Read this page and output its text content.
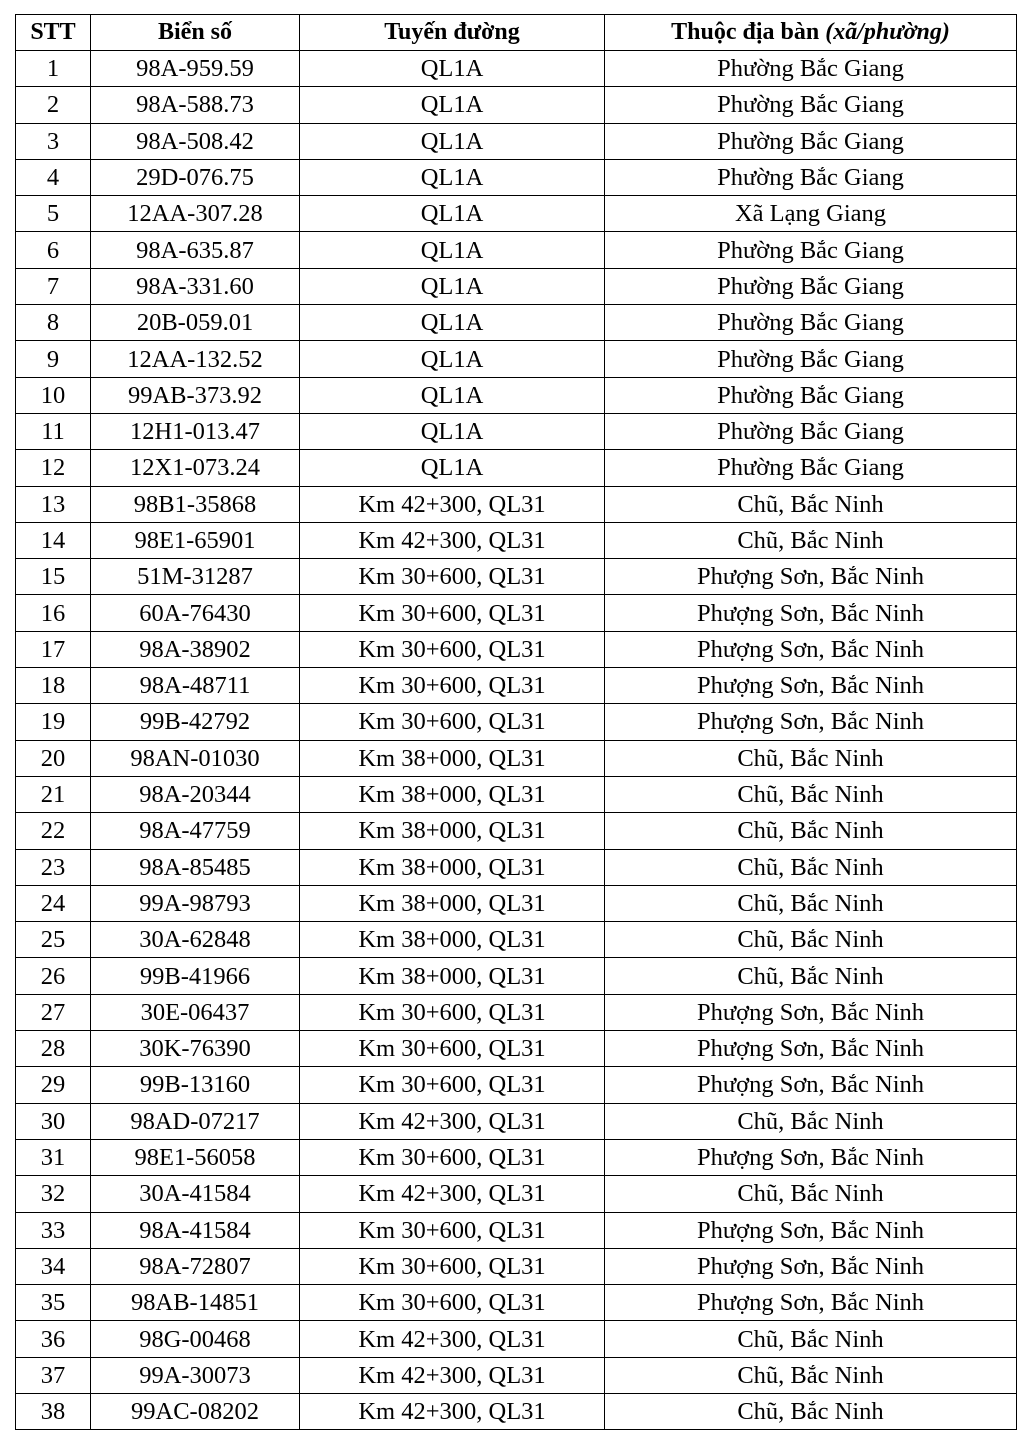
STT	Biển số	Tuyến đường	Thuộc địa bàn (xã/phường)
1	98A-959.59	QL1A	Phường Bắc Giang
2	98A-588.73	QL1A	Phường Bắc Giang
3	98A-508.42	QL1A	Phường Bắc Giang
4	29D-076.75	QL1A	Phường Bắc Giang
5	12AA-307.28	QL1A	Xã Lạng Giang
6	98A-635.87	QL1A	Phường Bắc Giang
7	98A-331.60	QL1A	Phường Bắc Giang
8	20B-059.01	QL1A	Phường Bắc Giang
9	12AA-132.52	QL1A	Phường Bắc Giang
10	99AB-373.92	QL1A	Phường Bắc Giang
11	12H1-013.47	QL1A	Phường Bắc Giang
12	12X1-073.24	QL1A	Phường Bắc Giang
13	98B1-35868	Km 42+300, QL31	Chũ, Bắc Ninh
14	98E1-65901	Km 42+300, QL31	Chũ, Bắc Ninh
15	51M-31287	Km 30+600, QL31	Phượng Sơn, Bắc Ninh
16	60A-76430	Km 30+600, QL31	Phượng Sơn, Bắc Ninh
17	98A-38902	Km 30+600, QL31	Phượng Sơn, Bắc Ninh
18	98A-48711	Km 30+600, QL31	Phượng Sơn, Bắc Ninh
19	99B-42792	Km 30+600, QL31	Phượng Sơn, Bắc Ninh
20	98AN-01030	Km 38+000, QL31	Chũ, Bắc Ninh
21	98A-20344	Km 38+000, QL31	Chũ, Bắc Ninh
22	98A-47759	Km 38+000, QL31	Chũ, Bắc Ninh
23	98A-85485	Km 38+000, QL31	Chũ, Bắc Ninh
24	99A-98793	Km 38+000, QL31	Chũ, Bắc Ninh
25	30A-62848	Km 38+000, QL31	Chũ, Bắc Ninh
26	99B-41966	Km 38+000, QL31	Chũ, Bắc Ninh
27	30E-06437	Km 30+600, QL31	Phượng Sơn, Bắc Ninh
28	30K-76390	Km 30+600, QL31	Phượng Sơn, Bắc Ninh
29	99B-13160	Km 30+600, QL31	Phượng Sơn, Bắc Ninh
30	98AD-07217	Km 42+300, QL31	Chũ, Bắc Ninh
31	98E1-56058	Km 30+600, QL31	Phượng Sơn, Bắc Ninh
32	30A-41584	Km 42+300, QL31	Chũ, Bắc Ninh
33	98A-41584	Km 30+600, QL31	Phượng Sơn, Bắc Ninh
34	98A-72807	Km 30+600, QL31	Phượng Sơn, Bắc Ninh
35	98AB-14851	Km 30+600, QL31	Phượng Sơn, Bắc Ninh
36	98G-00468	Km 42+300, QL31	Chũ, Bắc Ninh
37	99A-30073	Km 42+300, QL31	Chũ, Bắc Ninh
38	99AC-08202	Km 42+300, QL31	Chũ, Bắc Ninh
